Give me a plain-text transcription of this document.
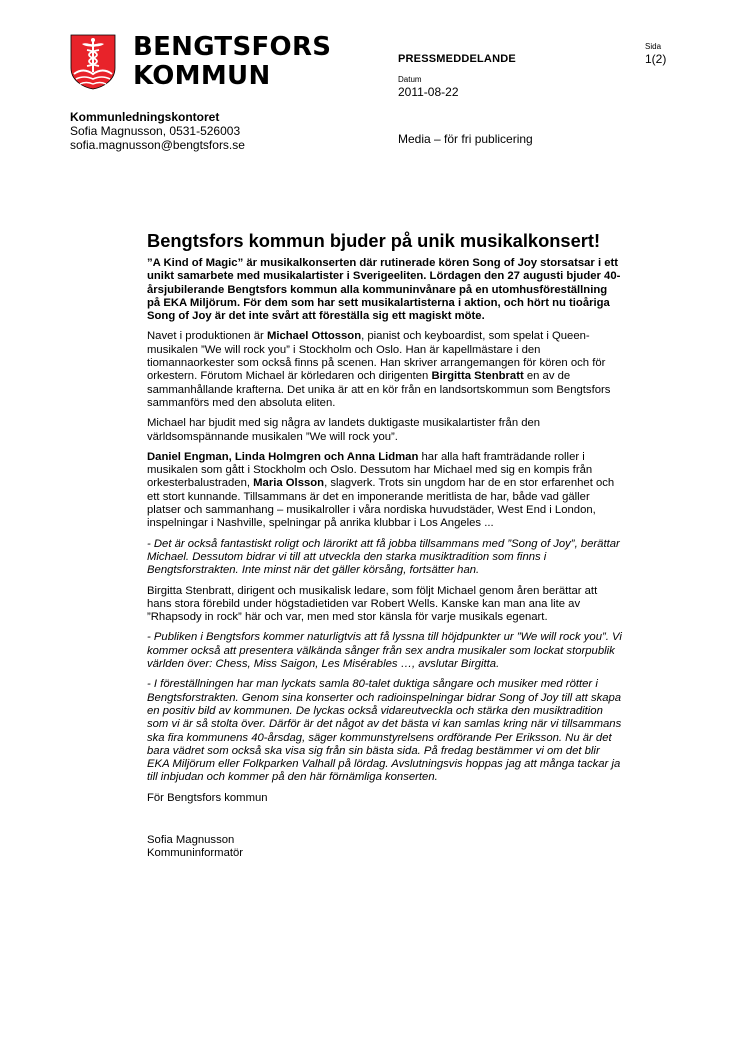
BENGTSFORS
KOMMUN
Kommunledningskontoret
Sofia Magnusson, 0531-526003
sofia.magnusson@bengtsfors.se
PRESSMEDDELANDE
Datum
2011-08-22
Sida
1(2)
Media – för fri publicering
Bengtsfors kommun bjuder på unik musikalkonsert!

”A Kind of Magic” är musikalkonserten där rutinerade kören Song of Joy storsatsar i ett unikt samarbete med musikalartister i Sverigeeliten. Lördagen den 27 augusti bjuder 40-årsjubilerande Bengtsfors kommun alla kommuninvånare på en utomhusföreställning på EKA Miljörum. För dem som har sett musikalartisterna i aktion, och hört nu tioåriga Song of Joy är det inte svårt att föreställa sig ett magiskt möte.

Navet i produktionen är Michael Ottosson, pianist och keyboardist, som spelat i Queen-musikalen ”We will rock you” i Stockholm och Oslo. Han är kapellmästare i den tiomannaorkester som också finns på scenen. Han skriver arrangemangen för kören och för orkestern. Förutom Michael är körledaren och dirigenten Birgitta Stenbratt en av de sammanhållande krafterna. Det unika är att en kör från en landsortskommun som Bengtsfors sammanförs med den absoluta eliten.

Michael har bjudit med sig några av landets duktigaste musikalartister från den världsomspännande musikalen ”We will rock you”.

Daniel Engman, Linda Holmgren och Anna Lidman har alla haft framträdande roller i musikalen som gått i Stockholm och Oslo. Dessutom har Michael med sig en kompis från orkesterbalustraden, Maria Olsson, slagverk. Trots sin ungdom har de en stor erfarenhet och ett stort kunnande. Tillsammans är det en imponerande meritlista de har, både vad gäller platser och sammanhang – musikalroller i våra nordiska huvudstäder, West End i London, inspelningar i Nashville, spelningar på anrika klubbar i Los Angeles ...

- Det är också fantastiskt roligt och lärorikt att få jobba tillsammans med ”Song of Joy”, berättar Michael. Dessutom bidrar vi till att utveckla den starka musiktradition som finns i Bengtsforstrakten. Inte minst när det gäller körsång, fortsätter han.

Birgitta Stenbratt, dirigent och musikalisk ledare, som följt Michael genom åren berättar att hans stora förebild under högstadietiden var Robert Wells. Kanske kan man ana lite av ”Rhapsody in rock” här och var, men med stor känsla för varje musikals egenart.

- Publiken i Bengtsfors kommer naturligtvis att få lyssna till höjdpunkter ur ”We will rock you”. Vi kommer också att presentera välkända sånger från sex andra musikaler som lockat storpublik världen över: Chess, Miss Saigon, Les Misérables …, avslutar Birgitta.

- I föreställningen har man lyckats samla 80-talet duktiga sångare och musiker med rötter i Bengtsforstrakten. Genom sina konserter och radioinspelningar bidrar Song of Joy till att skapa en positiv bild av kommunen. De lyckas också vidareutveckla och stärka den musiktradition som vi är så stolta över. Därför är det något av det bästa vi kan samlas kring när vi tillsammans ska fira kommunens 40-årsdag, säger kommunstyrelsens ordförande Per Eriksson. Nu är det bara vädret som också ska visa sig från sin bästa sida. På fredag bestämmer vi om det blir EKA Miljörum eller Folkparken Valhall på lördag. Avslutningsvis hoppas jag att många tackar ja till inbjudan och kommer på den här förnämliga konserten.

För Bengtsfors kommun
Sofia Magnusson
Kommuninformatör
